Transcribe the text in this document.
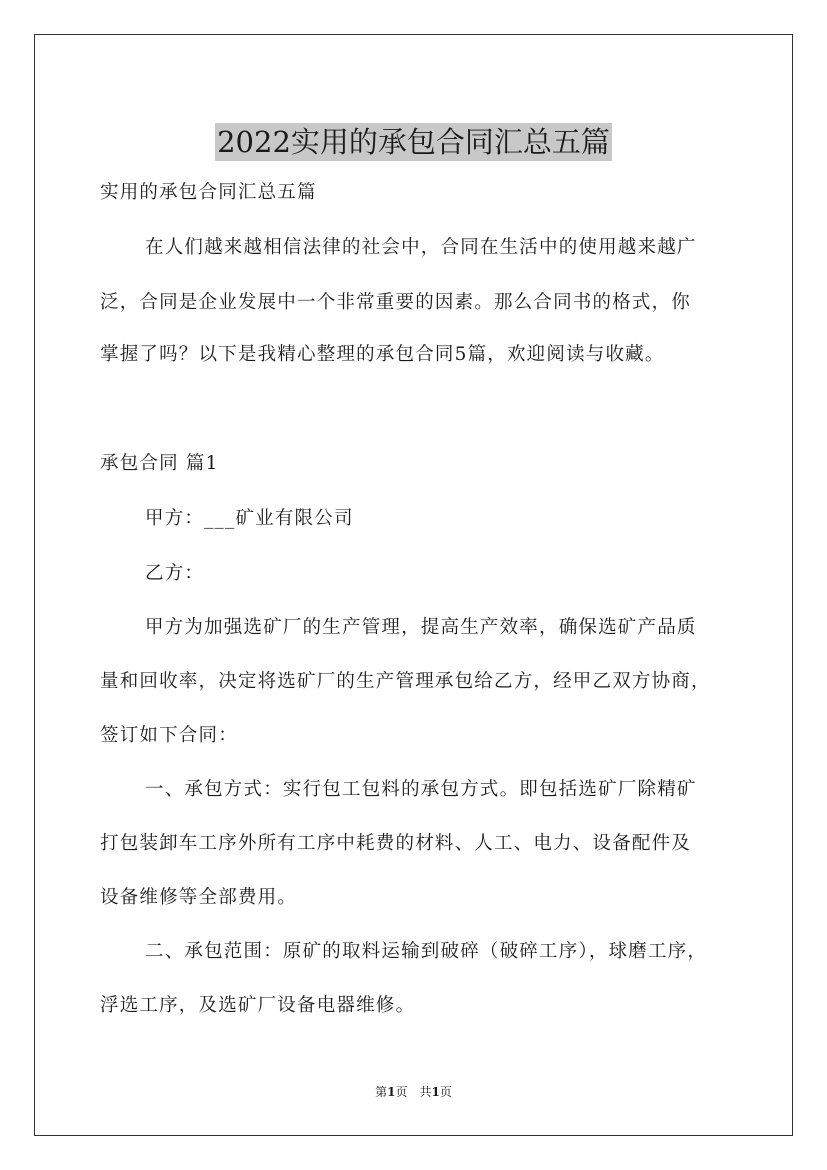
2022实用的承包合同汇总五篇
实用的承包合同汇总五篇
在人们越来越相信法律的社会中，合同在生活中的使用越来越广
泛，合同是企业发展中一个非常重要的因素。那么合同书的格式，你
掌握了吗？以下是我精心整理的承包合同5篇，欢迎阅读与收藏。
承包合同 篇1
甲方：___矿业有限公司
乙方：
甲方为加强选矿厂的生产管理，提高生产效率，确保选矿产品质
量和回收率，决定将选矿厂的生产管理承包给乙方，经甲乙双方协商，
签订如下合同：
一、承包方式：实行包工包料的承包方式。即包括选矿厂除精矿
打包装卸车工序外所有工序中耗费的材料、人工、电力、设备配件及
设备维修等全部费用。
二、承包范围：原矿的取料运输到破碎（破碎工序），球磨工序，
浮选工序，及选矿厂设备电器维修。
第1页　共1页
